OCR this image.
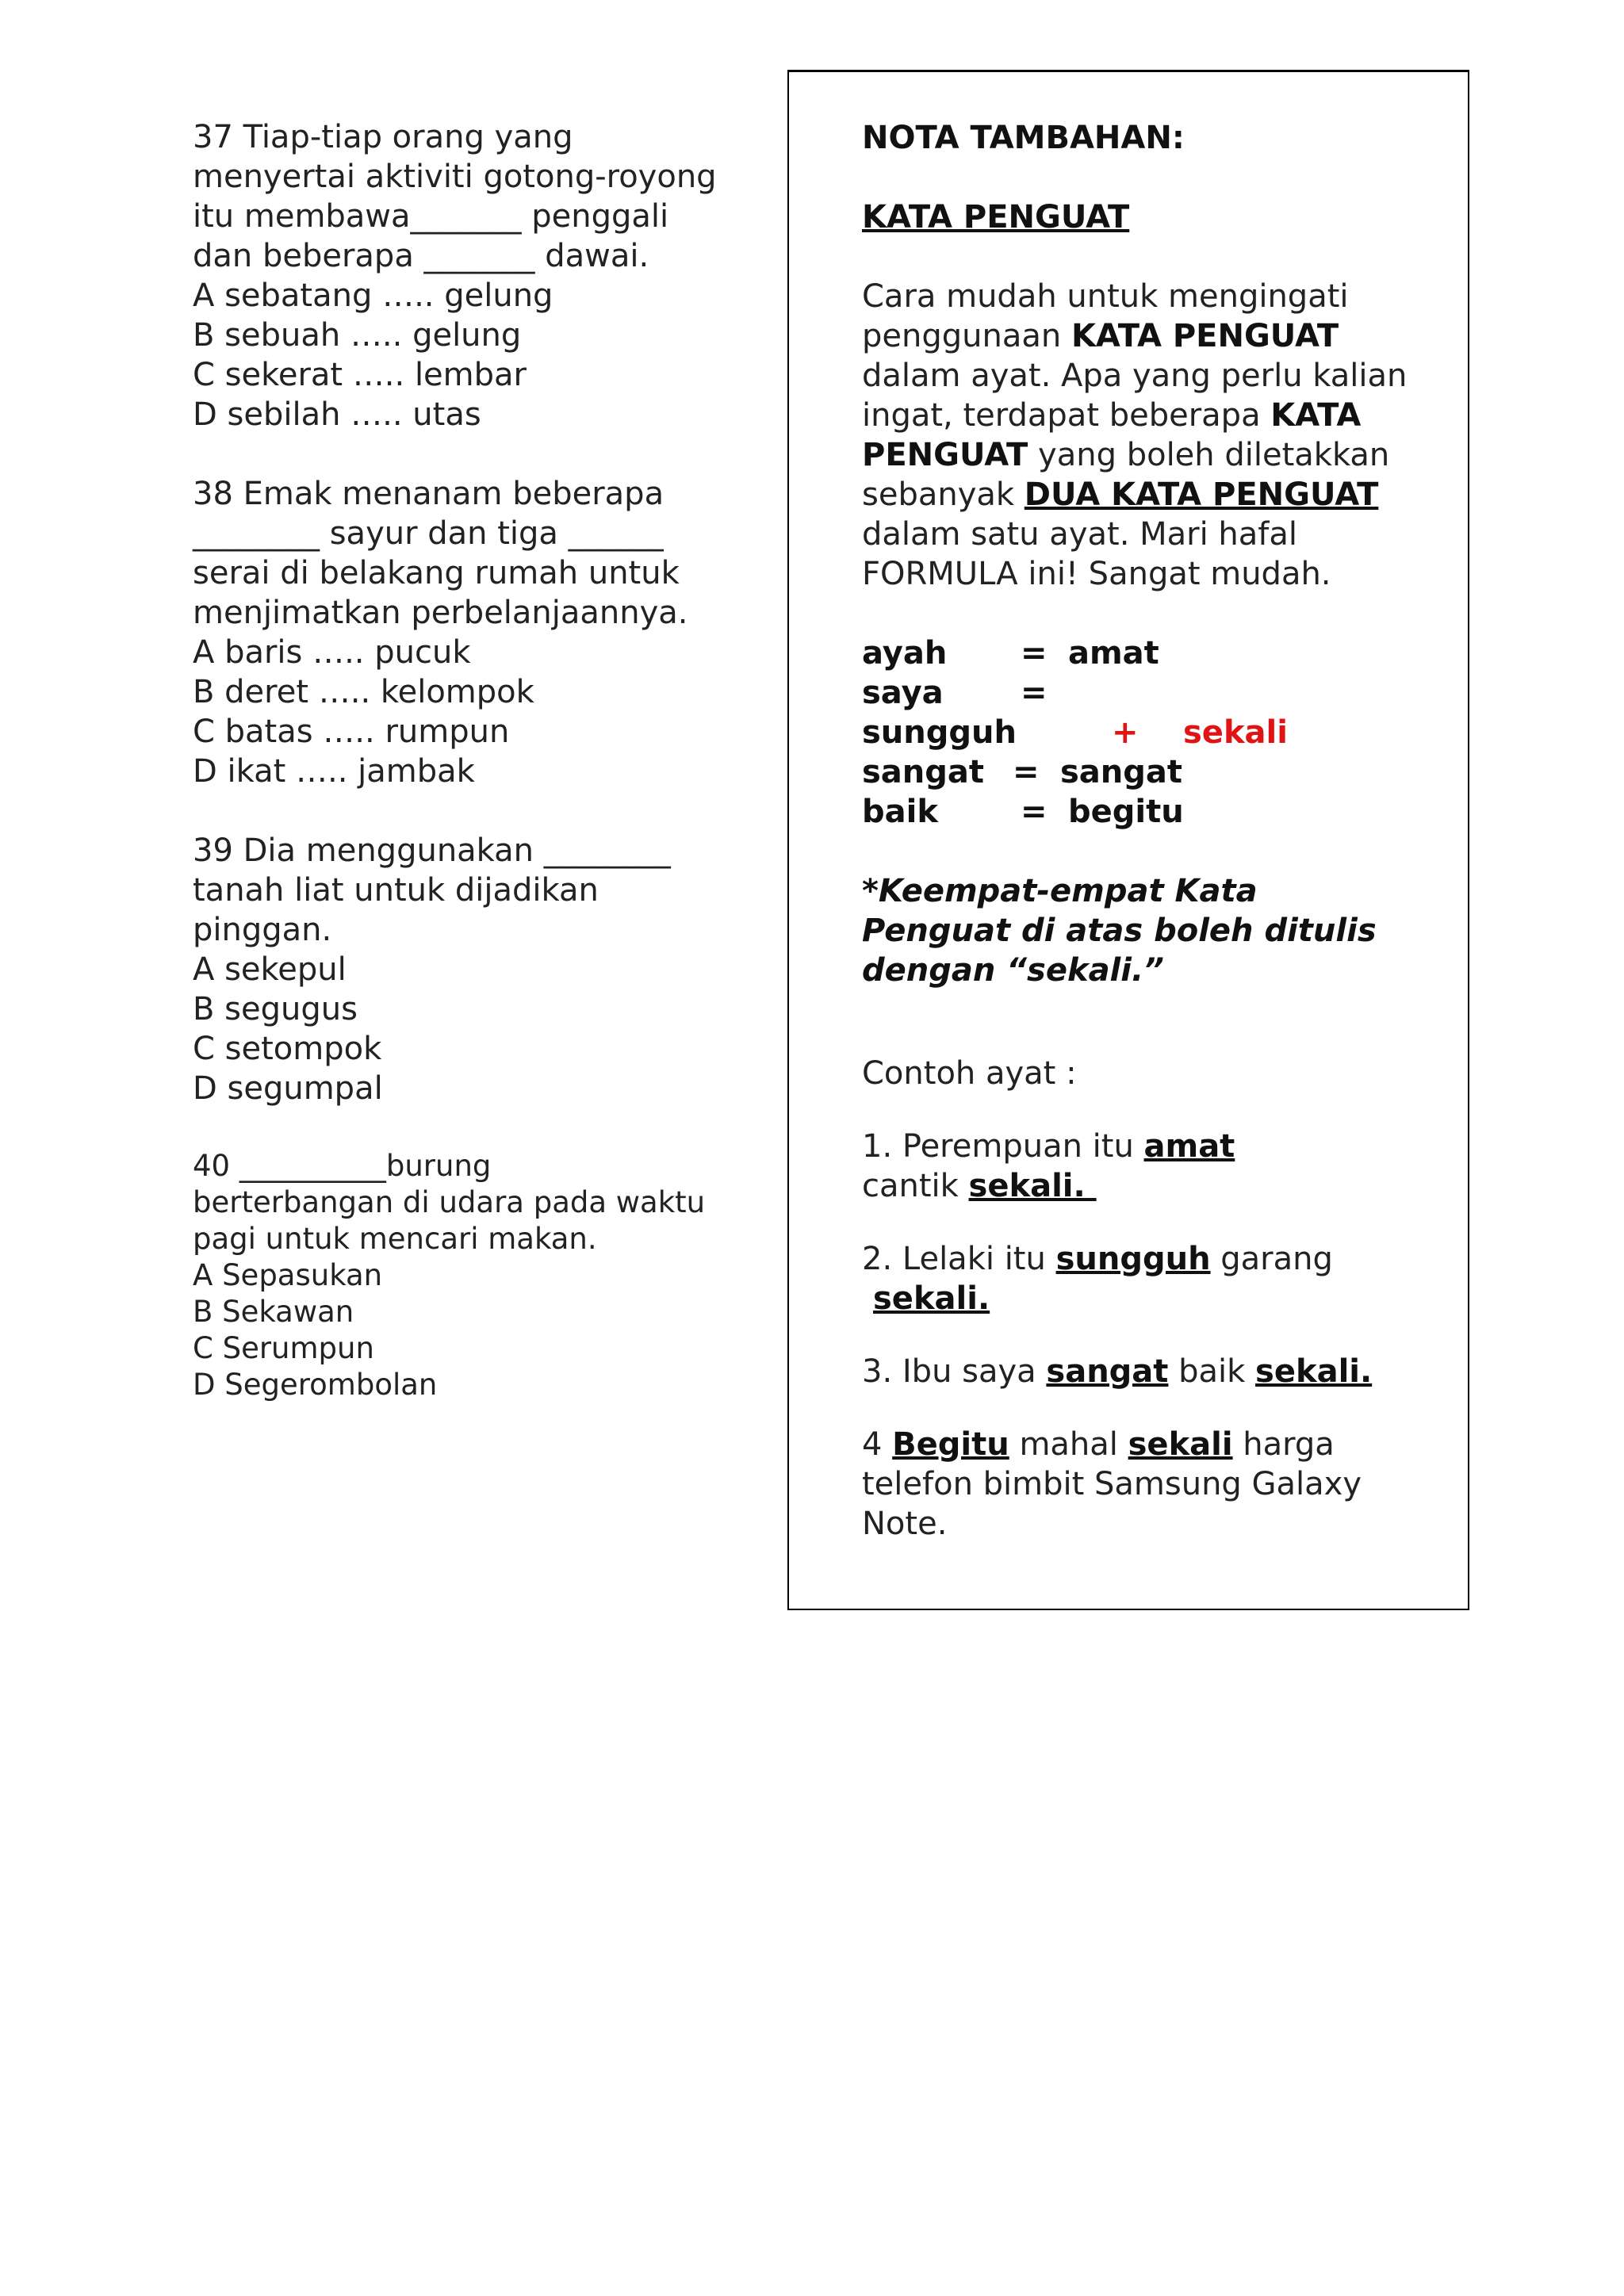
37 Tiap-tiap orang yang

menyertai aktiviti gotong-royong

itu membawa_______ penggali

dan beberapa _______ dawai.

A sebatang ….. gelung

B sebuah ….. gelung

C sekerat ….. lembar

D sebilah ….. utas

38 Emak menanam beberapa

________ sayur dan tiga ______

serai di belakang rumah untuk

menjimatkan perbelanjaannya.

A baris ….. pucuk

B deret ….. kelompok

C batas ….. rumpun

D ikat ….. jambak

39 Dia menggunakan ________

tanah liat untuk dijadikan

pinggan.

A sekepul

B segugus

C setompok

D segumpal

40 __________burung

berterbangan di udara pada waktu

pagi untuk mencari makan.

A Sepasukan

B Sekawan

C Serumpun

D Segerombolan

NOTA TAMBAHAN:

KATA PENGUAT

Cara mudah untuk mengingati

penggunaan KATA PENGUAT

dalam ayat. Apa yang perlu kalian

ingat, terdapat beberapa KATA

PENGUAT yang boleh diletakkan

sebanyak DUA KATA PENGUAT

dalam satu ayat. Mari hafal

FORMULA ini! Sangat mudah.

ayah	= amat
saya	=
sungguh	+	sekali
sangat = sangat
baik	= begitu

*Keempat-empat Kata

Penguat di atas boleh ditulis

dengan “sekali.”

Contoh ayat :

1. Perempuan itu amat

cantik sekali.

2. Lelaki itu sungguh garang

sekali.

3. Ibu saya sangat baik sekali.

4 Begitu mahal sekali harga

telefon bimbit Samsung Galaxy

Note.
